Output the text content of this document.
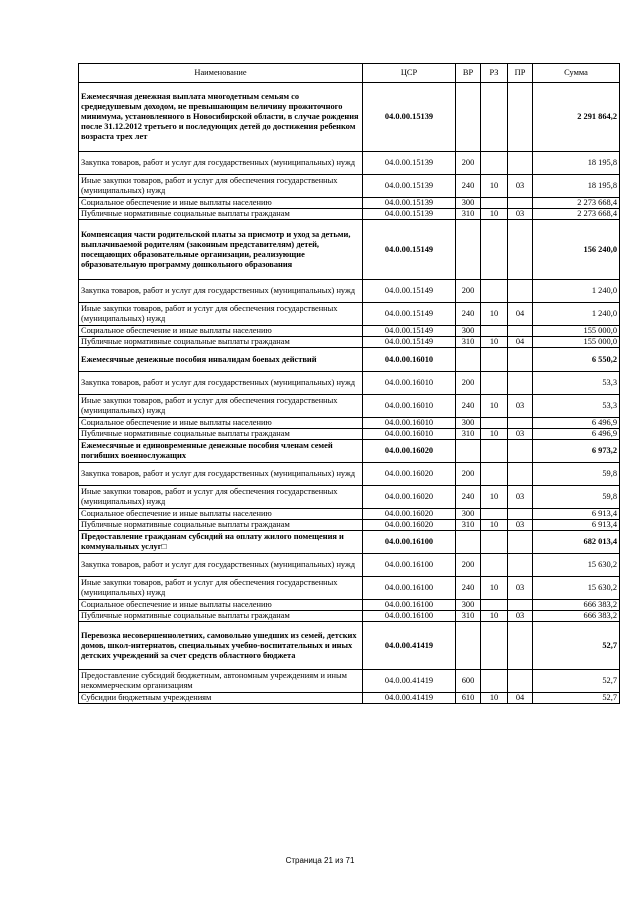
Наименование	ЦСР	ВР	РЗ	ПР	Сумма
Ежемесячная денежная выплата многодетным семьям со среднедушевым доходом, не превышающим величину прожиточного минимума, установленного в Новосибирской области, в случае рождения после 31.12.2012 третьего и последующих детей до достижения ребенком возраста трех лет	04.0.00.15139				2 291 864,2
Закупка товаров, работ и услуг для государственных (муниципальных) нужд	04.0.00.15139	200			18 195,8
Иные закупки товаров, работ и услуг для обеспечения государственных (муниципальных) нужд	04.0.00.15139	240	10	03	18 195,8
Социальное обеспечение и иные выплаты населению	04.0.00.15139	300			2 273 668,4
Публичные нормативные социальные выплаты гражданам	04.0.00.15139	310	10	03	2 273 668,4
Компенсация части родительской платы за присмотр и уход за детьми, выплачиваемой родителям (законным представителям) детей, посещающих образовательные организации, реализующие образовательную программу дошкольного образования	04.0.00.15149				156 240,0
Закупка товаров, работ и услуг для государственных (муниципальных) нужд	04.0.00.15149	200			1 240,0
Иные закупки товаров, работ и услуг для обеспечения государственных (муниципальных) нужд	04.0.00.15149	240	10	04	1 240,0
Социальное обеспечение и иные выплаты населению	04.0.00.15149	300			155 000,0
Публичные нормативные социальные выплаты гражданам	04.0.00.15149	310	10	04	155 000,0
Ежемесячные денежные пособия инвалидам боевых действий	04.0.00.16010				6 550,2
Закупка товаров, работ и услуг для государственных (муниципальных) нужд	04.0.00.16010	200			53,3
Иные закупки товаров, работ и услуг для обеспечения государственных (муниципальных) нужд	04.0.00.16010	240	10	03	53,3
Социальное обеспечение и иные выплаты населению	04.0.00.16010	300			6 496,9
Публичные нормативные социальные выплаты гражданам	04.0.00.16010	310	10	03	6 496,9
Ежемесячные и единовременные денежные пособия членам семей погибших военнослужащих	04.0.00.16020				6 973,2
Закупка товаров, работ и услуг для государственных (муниципальных) нужд	04.0.00.16020	200			59,8
Иные закупки товаров, работ и услуг для обеспечения государственных (муниципальных) нужд	04.0.00.16020	240	10	03	59,8
Социальное обеспечение и иные выплаты населению	04.0.00.16020	300			6 913,4
Публичные нормативные социальные выплаты гражданам	04.0.00.16020	310	10	03	6 913,4
Предоставление гражданам субсидий на оплату жилого помещения и коммунальных услуг□	04.0.00.16100				682 013,4
Закупка товаров, работ и услуг для государственных (муниципальных) нужд	04.0.00.16100	200			15 630,2
Иные закупки товаров, работ и услуг для обеспечения государственных (муниципальных) нужд	04.0.00.16100	240	10	03	15 630,2
Социальное обеспечение и иные выплаты населению	04.0.00.16100	300			666 383,2
Публичные нормативные социальные выплаты гражданам	04.0.00.16100	310	10	03	666 383,2
Перевозка несовершеннолетних, самовольно ушедших из семей, детских домов, школ-интернатов, специальных учебно-воспитательных и иных детских учреждений за счет средств областного бюджета	04.0.00.41419				52,7
Предоставление субсидий бюджетным, автономным учреждениям и иным некоммерческим организациям	04.0.00.41419	600			52,7
Субсидии бюджетным учреждениям	04.0.00.41419	610	10	04	52,7
Страница 21 из 71
